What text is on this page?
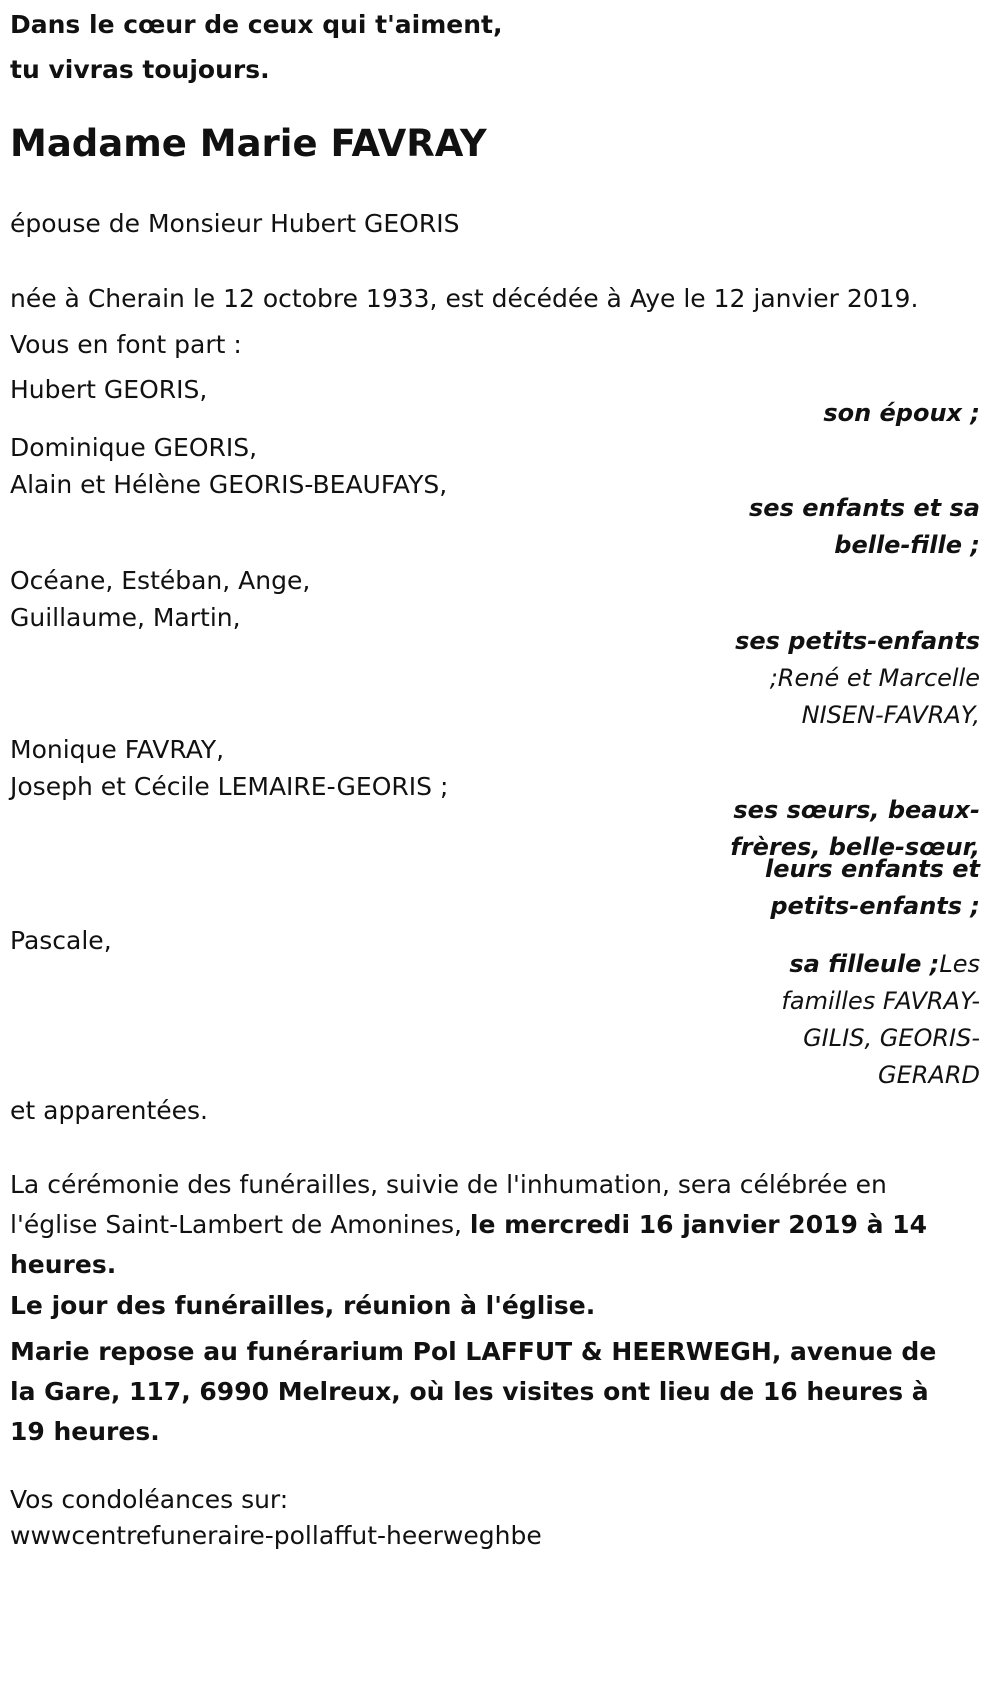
Dans le cœur de ceux qui t'aiment,
tu vivras toujours.
Madame Marie FAVRAY
épouse de Monsieur Hubert GEORIS
née à Cherain le 12 octobre 1933, est décédée à Aye le 12 janvier 2019.
Vous en font part :
Hubert GEORIS,
son époux ;
Dominique GEORIS,
Alain et Hélène GEORIS-BEAUFAYS,
ses enfants et sa
belle-fille ;
Océane, Estéban, Ange,
Guillaume, Martin,
ses petits-enfants
;René et Marcelle
NISEN-FAVRAY,
Monique FAVRAY,
Joseph et Cécile LEMAIRE-GEORIS ;
ses sœurs, beaux-
frères, belle-sœur,
leurs enfants et
petits-enfants ;
Pascale,
sa filleule ;Les
familles FAVRAY-
GILIS, GEORIS-
GERARD
et apparentées.
La cérémonie des funérailles, suivie de l'inhumation, sera célébrée en l'église Saint-Lambert de Amonines, le mercredi 16 janvier 2019 à 14 heures.
Le jour des funérailles, réunion à l'église.
Marie repose au funérarium Pol LAFFUT & HEERWEGH, avenue de la Gare, 117, 6990 Melreux, où les visites ont lieu de 16 heures à 19 heures.
Vos condoléances sur:
wwwcentrefuneraire-pollaffut-heerweghbe
